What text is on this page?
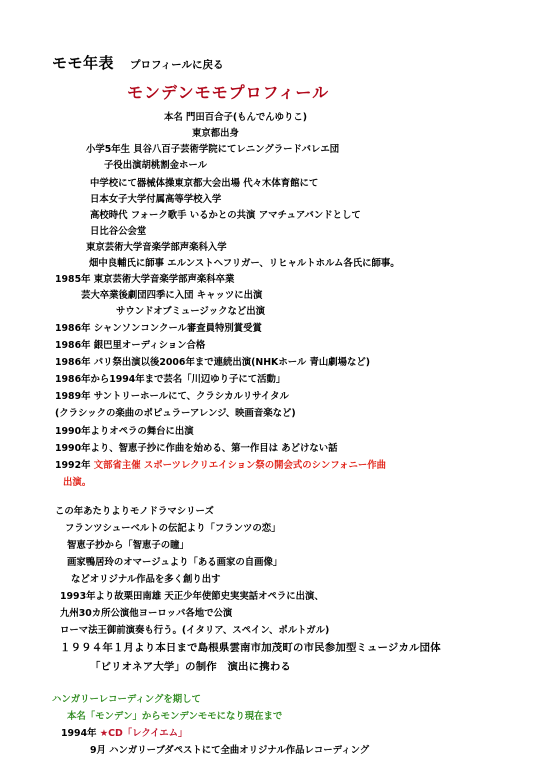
モモ年表 プロフィールに戻る
モンデンモモプロフィール
本名 門田百合子(もんでんゆりこ)
東京都出身
小学5年生 貝谷八百子芸術学院にてレニングラードバレエ団
子役出演胡桃割金ホール
中学校にて器械体操東京都大会出場 代々木体育館にて
日本女子大学付属高等学校入学
高校時代 フォーク歌手 いるかとの共演 アマチュアバンドとして
日比谷公会堂
東京芸術大学音楽学部声楽科入学
畑中良輔氏に師事 エルンストヘフリガー、リヒャルトホルム各氏に師事。
1985年 東京芸術大学音楽学部声楽科卒業
芸大卒業後劇団四季に入団 キャッツに出演
サウンドオブミュージックなど出演
1986年 シャンソンコンクール審査員特別賞受賞
1986年 銀巴里オーディション合格
1986年 パリ祭出演以後2006年まで連続出演(NHKホール 青山劇場など)
1986年から1994年まで芸名「川辺ゆり子にて活動」
1989年 サントリーホールにて、クラシカルリサイタル
(クラシックの楽曲のポピュラーアレンジ、映画音楽など)
1990年よりオペラの舞台に出演
1990年より、智恵子抄に作曲を始める、第一作目は あどけない話
1992年 文部省主催 スポーツレクリエイション祭の開会式のシンフォニー作曲
出演。
この年あたりよりモノドラマシリーズ
フランツシューベルトの伝記より「フランツの恋」
智恵子抄から「智恵子の瞳」
画家鴨居玲のオマージュより「ある画家の自画像」
などオリジナル作品を多く創り出す
1993年より故栗田南雄 天正少年使節史実実話オペラに出演、
九州30カ所公演他ヨーロッパ各地で公演
ローマ法王御前演奏も行う。(イタリア、スペイン、ポルトガル)
１９９４年１月より本日まで島根県雲南市加茂町の市民参加型ミュージカル団体
「ビリオネア大学」の制作　演出に携わる
ハンガリーレコーディングを期して
本名「モンデン」からモンデンモモになり現在まで
1994年 ★CD「レクイエム」
9月 ハンガリーブダペストにて全曲オリジナル作品レコーディング
